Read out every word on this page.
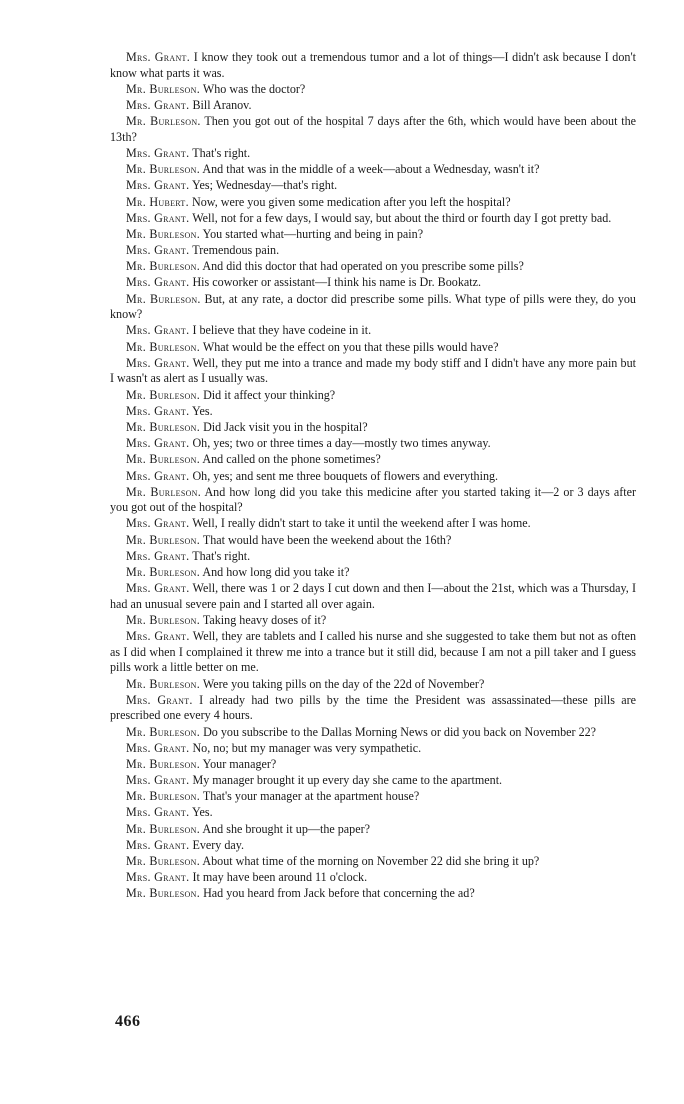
Mrs. Grant. I know they took out a tremendous tumor and a lot of things—I didn't ask because I don't know what parts it was.

Mr. Burleson. Who was the doctor?

Mrs. Grant. Bill Aranov.

Mr. Burleson. Then you got out of the hospital 7 days after the 6th, which would have been about the 13th?

Mrs. Grant. That's right.

Mr. Burleson. And that was in the middle of a week—about a Wednesday, wasn't it?

Mrs. Grant. Yes; Wednesday—that's right.

Mr. Hubert. Now, were you given some medication after you left the hospital?

Mrs. Grant. Well, not for a few days, I would say, but about the third or fourth day I got pretty bad.

Mr. Burleson. You started what—hurting and being in pain?

Mrs. Grant. Tremendous pain.

Mr. Burleson. And did this doctor that had operated on you prescribe some pills?

Mrs. Grant. His coworker or assistant—I think his name is Dr. Bookatz.

Mr. Burleson. But, at any rate, a doctor did prescribe some pills. What type of pills were they, do you know?

Mrs. Grant. I believe that they have codeine in it.

Mr. Burleson. What would be the effect on you that these pills would have?

Mrs. Grant. Well, they put me into a trance and made my body stiff and I didn't have any more pain but I wasn't as alert as I usually was.

Mr. Burleson. Did it affect your thinking?

Mrs. Grant. Yes.

Mr. Burleson. Did Jack visit you in the hospital?

Mrs. Grant. Oh, yes; two or three times a day—mostly two times anyway.

Mr. Burleson. And called on the phone sometimes?

Mrs. Grant. Oh, yes; and sent me three bouquets of flowers and everything.

Mr. Burleson. And how long did you take this medicine after you started taking it—2 or 3 days after you got out of the hospital?

Mrs. Grant. Well, I really didn't start to take it until the weekend after I was home.

Mr. Burleson. That would have been the weekend about the 16th?

Mrs. Grant. That's right.

Mr. Burleson. And how long did you take it?

Mrs. Grant. Well, there was 1 or 2 days I cut down and then I—about the 21st, which was a Thursday, I had an unusual severe pain and I started all over again.

Mr. Burleson. Taking heavy doses of it?

Mrs. Grant. Well, they are tablets and I called his nurse and she suggested to take them but not as often as I did when I complained it threw me into a trance but it still did, because I am not a pill taker and I guess pills work a little better on me.

Mr. Burleson. Were you taking pills on the day of the 22d of November?

Mrs. Grant. I already had two pills by the time the President was assassinated—these pills are prescribed one every 4 hours.

Mr. Burleson. Do you subscribe to the Dallas Morning News or did you back on November 22?

Mrs. Grant. No, no; but my manager was very sympathetic.

Mr. Burleson. Your manager?

Mrs. Grant. My manager brought it up every day she came to the apartment.

Mr. Burleson. That's your manager at the apartment house?

Mrs. Grant. Yes.

Mr. Burleson. And she brought it up—the paper?

Mrs. Grant. Every day.

Mr. Burleson. About what time of the morning on November 22 did she bring it up?

Mrs. Grant. It may have been around 11 o'clock.

Mr. Burleson. Had you heard from Jack before that concerning the ad?

466
